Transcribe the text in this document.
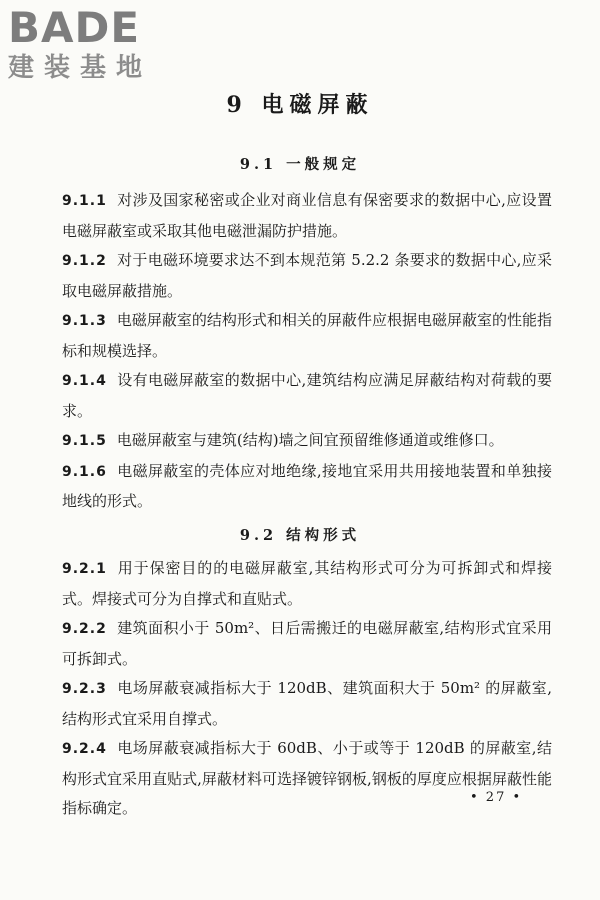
BADE
建装基地
9 电磁屏蔽
9.1 一般规定

9.1.1 对涉及国家秘密或企业对商业信息有保密要求的数据中心,应设置电磁屏蔽室或采取其他电磁泄漏防护措施。

9.1.2 对于电磁环境要求达不到本规范第 5.2.2 条要求的数据中心,应采取电磁屏蔽措施。

9.1.3 电磁屏蔽室的结构形式和相关的屏蔽件应根据电磁屏蔽室的性能指标和规模选择。

9.1.4 设有电磁屏蔽室的数据中心,建筑结构应满足屏蔽结构对荷载的要求。

9.1.5 电磁屏蔽室与建筑(结构)墙之间宜预留维修通道或维修口。

9.1.6 电磁屏蔽室的壳体应对地绝缘,接地宜采用共用接地装置和单独接地线的形式。

9.2 结构形式

9.2.1 用于保密目的的电磁屏蔽室,其结构形式可分为可拆卸式和焊接式。焊接式可分为自撑式和直贴式。

9.2.2 建筑面积小于 50m²、日后需搬迁的电磁屏蔽室,结构形式宜采用可拆卸式。

9.2.3 电场屏蔽衰减指标大于 120dB、建筑面积大于 50m² 的屏蔽室,结构形式宜采用自撑式。

9.2.4 电场屏蔽衰减指标大于 60dB、小于或等于 120dB 的屏蔽室,结构形式宜采用直贴式,屏蔽材料可选择镀锌钢板,钢板的厚度应根据屏蔽性能指标确定。

• 27 •
